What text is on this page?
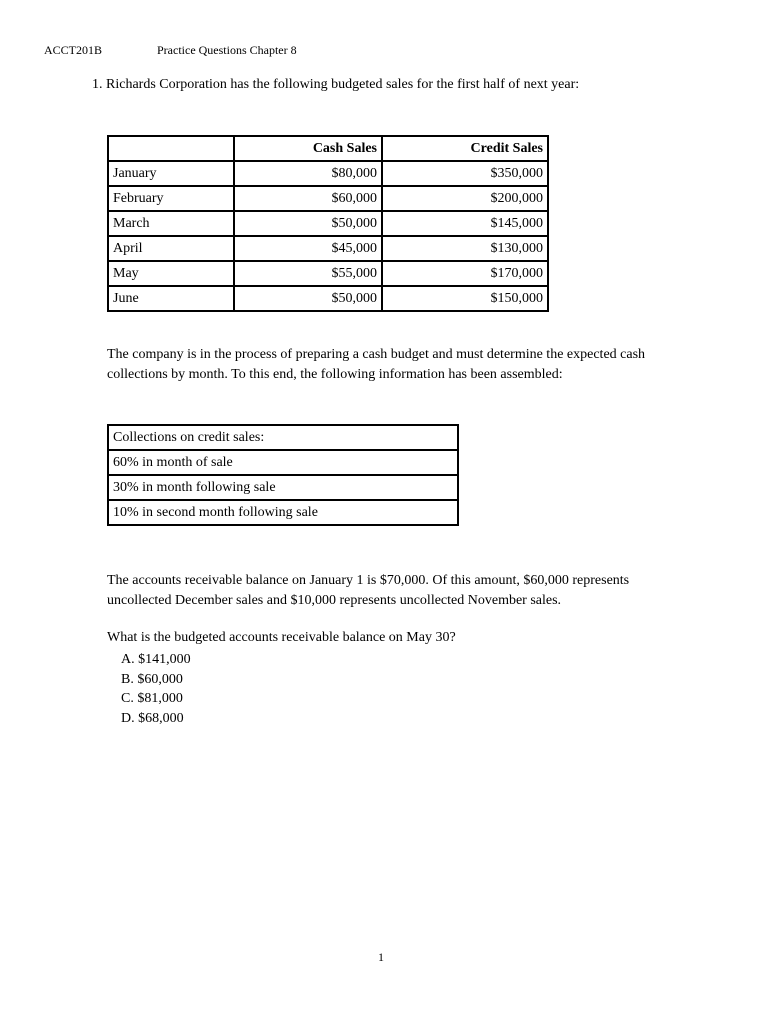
ACCT201B	Practice Questions Chapter 8
1. Richards Corporation has the following budgeted sales for the first half of next year:
	Cash Sales	Credit Sales
January	$80,000	$350,000
February	$60,000	$200,000
March	$50,000	$145,000
April	$45,000	$130,000
May	$55,000	$170,000
June	$50,000	$150,000
The company is in the process of preparing a cash budget and must determine the expected cash
collections by month. To this end, the following information has been assembled:
Collections on credit sales:
60% in month of sale
30% in month following sale
10% in second month following sale
The accounts receivable balance on January 1 is $70,000. Of this amount, $60,000 represents
uncollected December sales and $10,000 represents uncollected November sales.
What is the budgeted accounts receivable balance on May 30?
A. $141,000
B. $60,000
C. $81,000
D. $68,000
1
